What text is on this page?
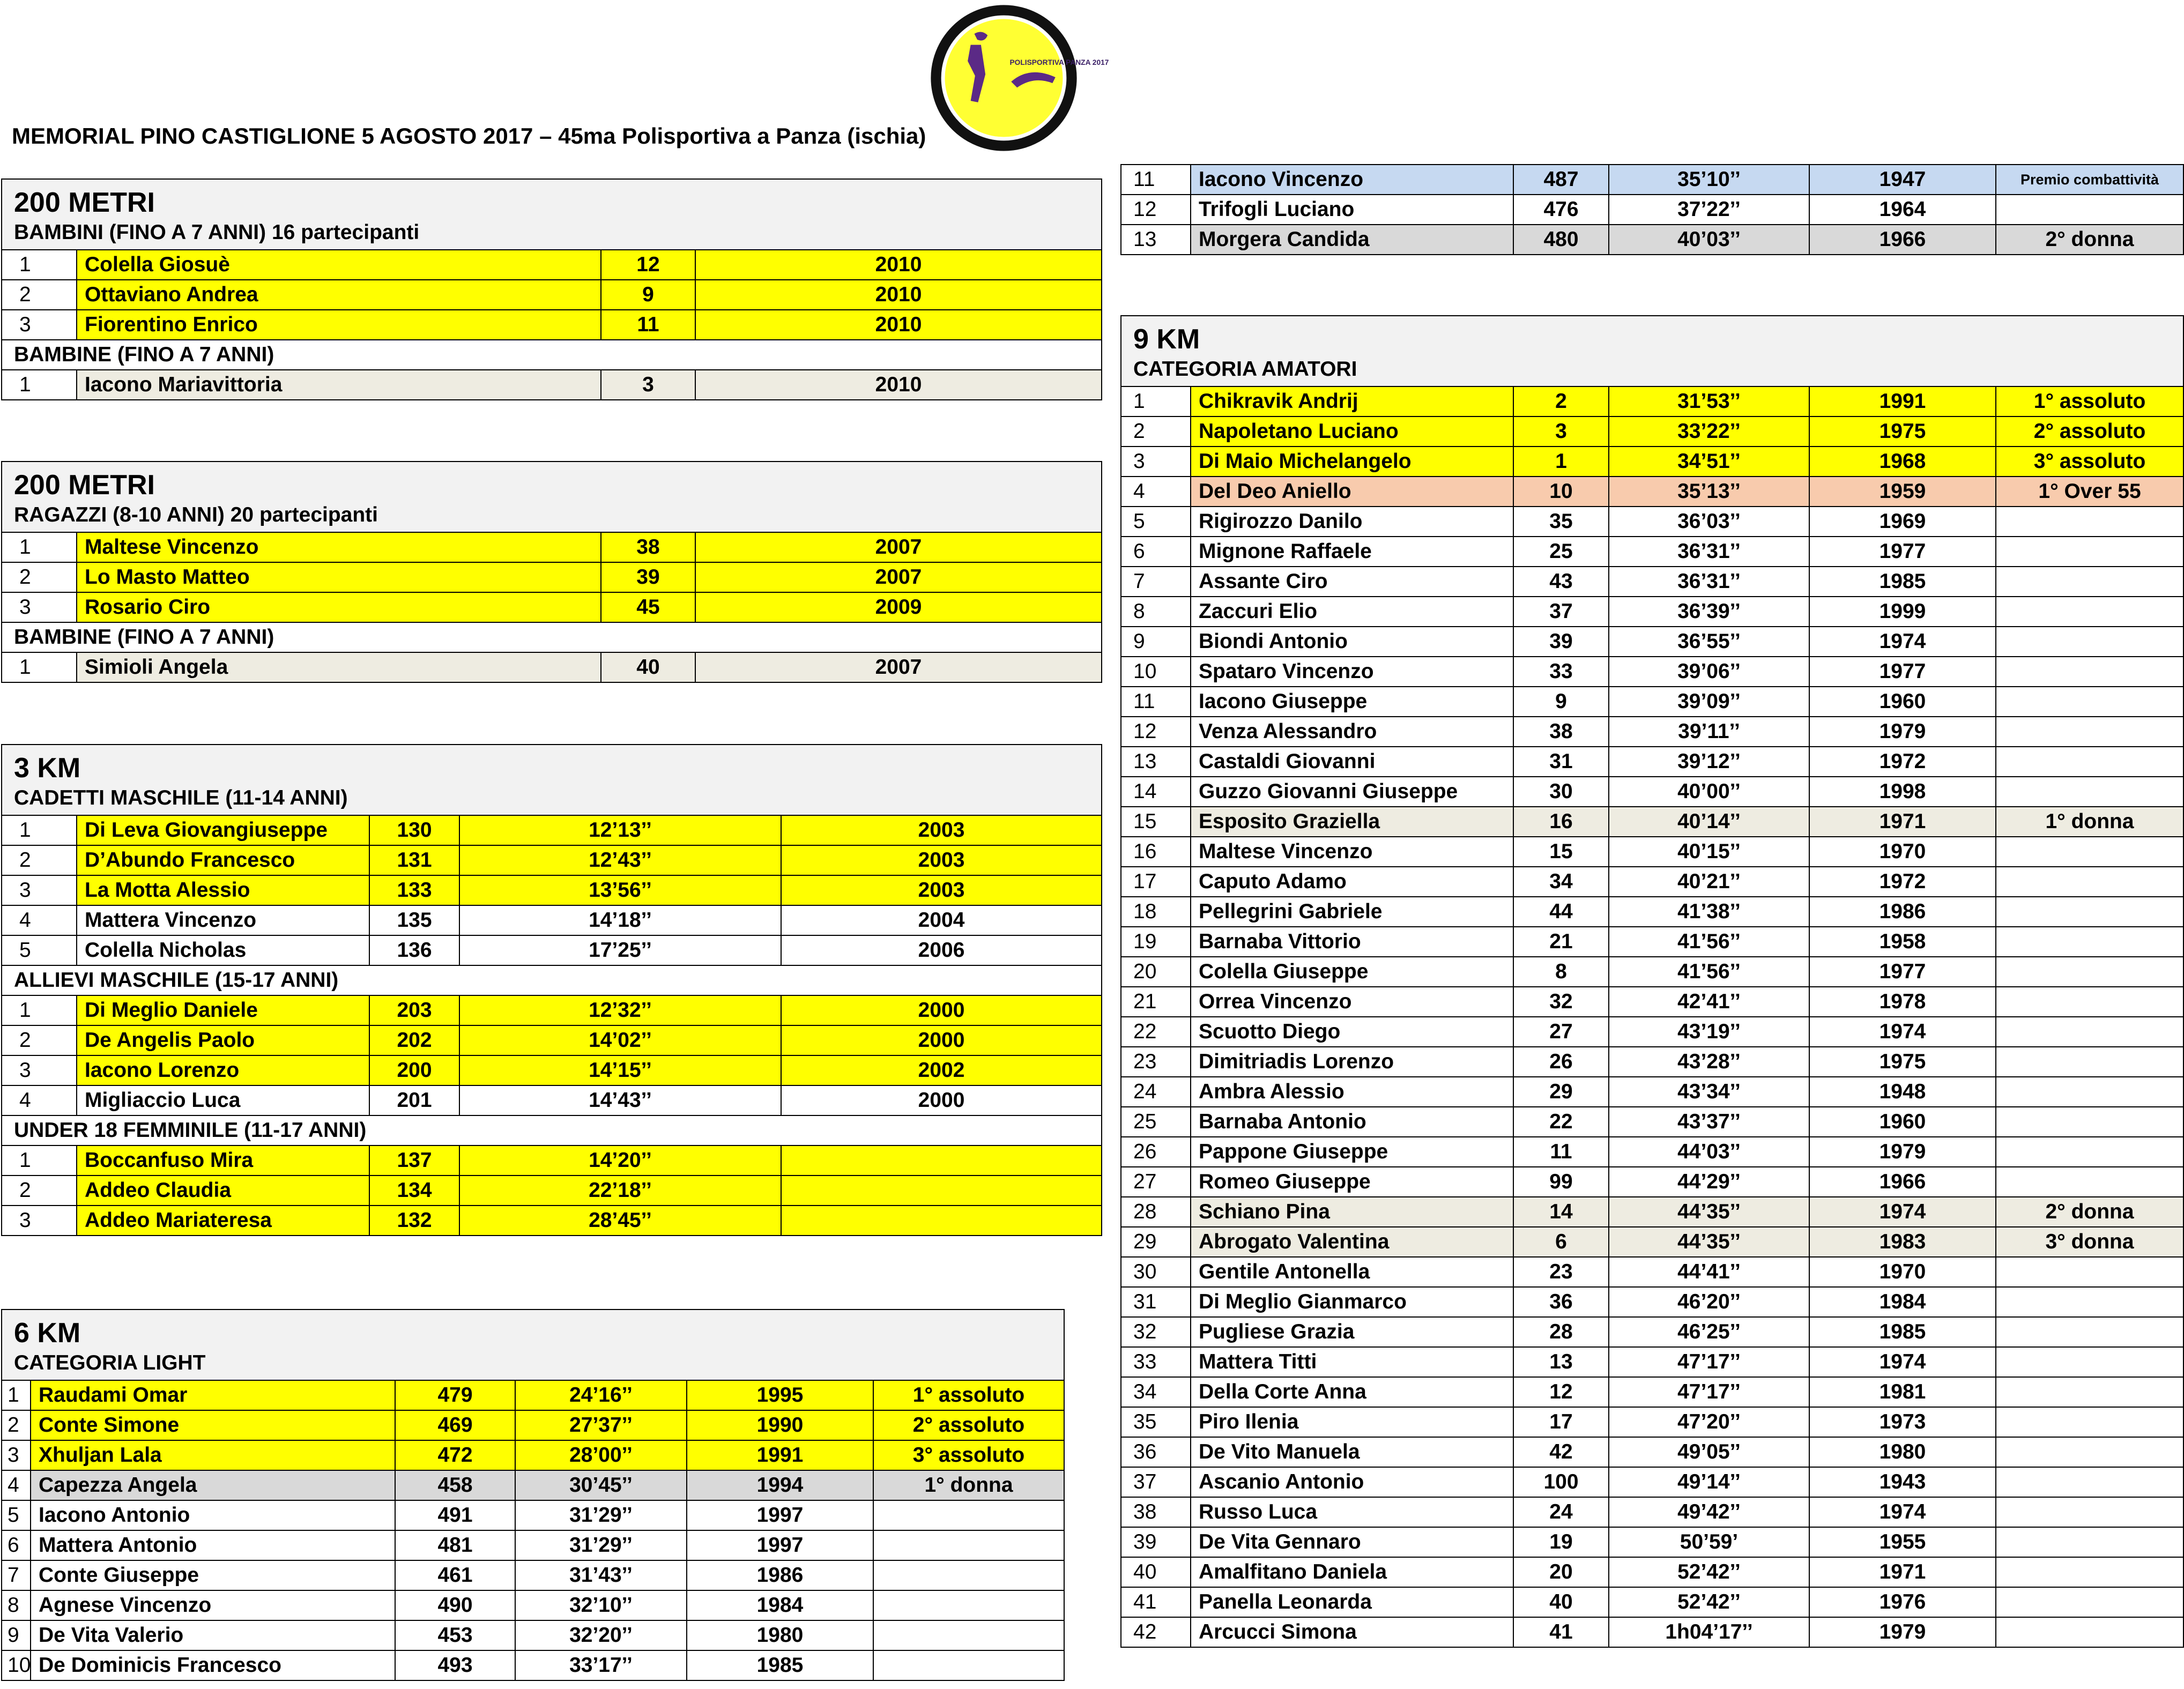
MEMORIAL PINO CASTIGLIONE 5 AGOSTO 2017 – 45ma Polisportiva a Panza (ischia)
POLISPORTIVA PANZA 2017
200 METRI
BAMBINI (FINO A 7 ANNI) 16 partecipanti			

1	Colella Giosuè	12	2010
2	Ottaviano Andrea	9	2010
3	Fiorentino Enrico	11	2010
BAMBINE (FINO A 7 ANNI)			
1	Iacono Mariavittoria	3	2010
200 METRI
RAGAZZI (8-10 ANNI) 20 partecipanti			

1	Maltese Vincenzo	38	2007
2	Lo Masto Matteo	39	2007
3	Rosario Ciro	45	2009
BAMBINE (FINO A 7 ANNI)			
1	Simioli Angela	40	2007
3 KM
CADETTI MASCHILE (11-14 ANNI)				

1	Di Leva Giovangiuseppe	130	12’13’’	2003
2	D’Abundo Francesco	131	12’43’’	2003
3	La Motta Alessio	133	13’56’’	2003
4	Mattera Vincenzo	135	14’18’’	2004
5	Colella Nicholas	136	17’25’’	2006
ALLIEVI MASCHILE (15-17 ANNI)				
1	Di Meglio Daniele	203	12’32’’	2000
2	De Angelis Paolo	202	14’02’’	2000
3	Iacono Lorenzo	200	14’15’’	2002
4	Migliaccio Luca	201	14’43’’	2000
UNDER 18 FEMMINILE (11-17 ANNI)				
1	Boccanfuso Mira	137	14’20’’	
2	Addeo Claudia	134	22’18’’	
3	Addeo Mariateresa	132	28’45’’	
6 KM
CATEGORIA LIGHT					

1	Raudami Omar	479	24’16’’	1995	1° assoluto
2	Conte Simone	469	27’37’’	1990	2° assoluto
3	Xhuljan Lala	472	28’00’’	1991	3° assoluto
4	Capezza Angela	458	30’45’’	1994	1° donna
5	Iacono Antonio	491	31’29’’	1997	
6	Mattera Antonio	481	31’29’’	1997	
7	Conte Giuseppe	461	31’43’’	1986	
8	Agnese Vincenzo	490	32’10’’	1984	
9	De Vita Valerio	453	32’20’’	1980	
10	De Dominicis Francesco	493	33’17’’	1985	
11	Iacono Vincenzo	487	35’10’’	1947	Premio combattività
12	Trifogli Luciano	476	37’22’’	1964	
13	Morgera Candida	480	40’03’’	1966	2° donna
9 KM
CATEGORIA AMATORI					

1	Chikravik Andrij	2	31’53’’	1991	1° assoluto
2	Napoletano Luciano	3	33’22’’	1975	2° assoluto
3	Di Maio Michelangelo	1	34’51’’	1968	3° assoluto
4	Del Deo Aniello	10	35’13’’	1959	1° Over 55
5	Rigirozzo Danilo	35	36’03’’	1969	
6	Mignone Raffaele	25	36’31’’	1977	
7	Assante Ciro	43	36’31’’	1985	
8	Zaccuri Elio	37	36’39’’	1999	
9	Biondi Antonio	39	36’55’’	1974	
10	Spataro Vincenzo	33	39’06’’	1977	
11	Iacono Giuseppe	9	39’09’’	1960	
12	Venza Alessandro	38	39’11’’	1979	
13	Castaldi Giovanni	31	39’12’’	1972	
14	Guzzo Giovanni Giuseppe	30	40’00’’	1998	
15	Esposito Graziella	16	40’14’’	1971	1° donna
16	Maltese Vincenzo	15	40’15’’	1970	
17	Caputo Adamo	34	40’21’’	1972	
18	Pellegrini Gabriele	44	41’38’’	1986	
19	Barnaba Vittorio	21	41’56’’	1958	
20	Colella Giuseppe	8	41’56’’	1977	
21	Orrea Vincenzo	32	42’41’’	1978	
22	Scuotto Diego	27	43’19’’	1974	
23	Dimitriadis Lorenzo	26	43’28’’	1975	
24	Ambra Alessio	29	43’34’’	1948	
25	Barnaba Antonio	22	43’37’’	1960	
26	Pappone Giuseppe	11	44’03’’	1979	
27	Romeo Giuseppe	99	44’29’’	1966	
28	Schiano Pina	14	44’35’’	1974	2° donna
29	Abrogato Valentina	6	44’35’’	1983	3° donna
30	Gentile Antonella	23	44’41’’	1970	
31	Di Meglio Gianmarco	36	46’20’’	1984	
32	Pugliese Grazia	28	46’25’’	1985	
33	Mattera Titti	13	47’17’’	1974	
34	Della Corte Anna	12	47’17’’	1981	
35	Piro Ilenia	17	47’20’’	1973	
36	De Vito Manuela	42	49’05’’	1980	
37	Ascanio Antonio	100	49’14’’	1943	
38	Russo Luca	24	49’42’’	1974	
39	De Vita Gennaro	19	50’59’	1955	
40	Amalfitano Daniela	20	52’42’’	1971	
41	Panella Leonarda	40	52’42’’	1976	
42	Arcucci Simona	41	1h04’17’’	1979	
